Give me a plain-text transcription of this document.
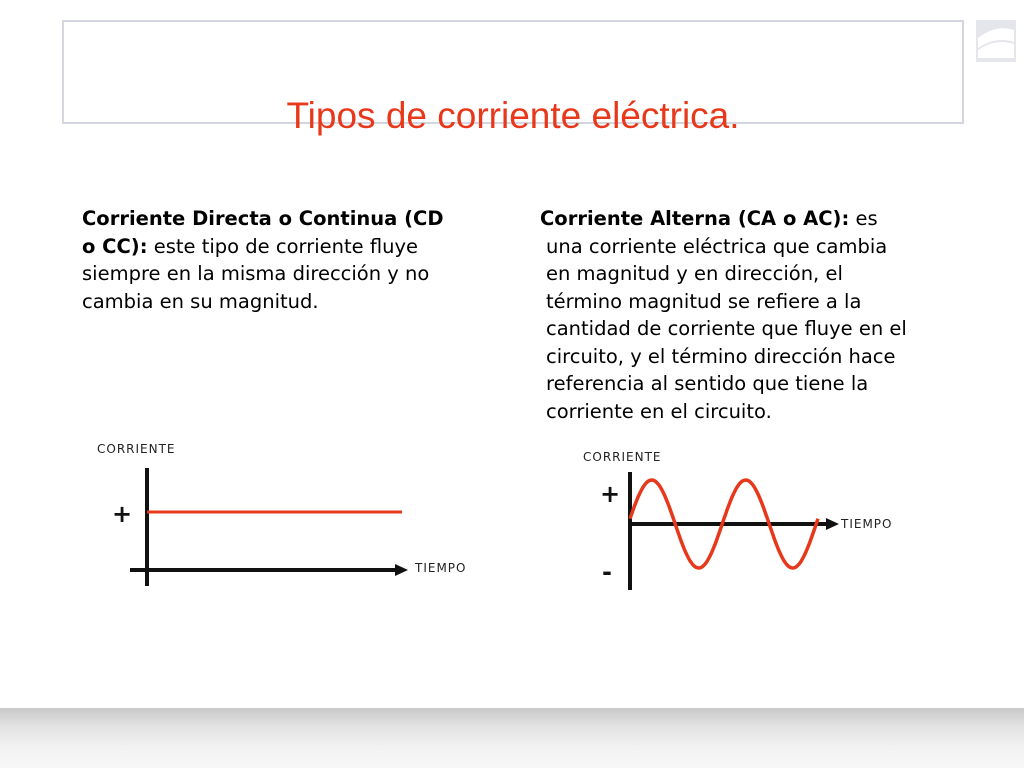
Tipos de corriente eléctrica.
Corriente Directa o Continua (CD
o CC): este tipo de corriente fluye
siempre en la misma dirección y no
cambia en su magnitud.
Corriente Alterna (CA o AC): es
una corriente eléctrica que cambia
en magnitud y en dirección, el
término magnitud se refiere a la
cantidad de corriente que fluye en el
circuito, y el término dirección hace
referencia al sentido que tiene la
corriente en el circuito.
CORRIENTE
TIEMPO
+
CORRIENTE
TIEMPO
+
-
